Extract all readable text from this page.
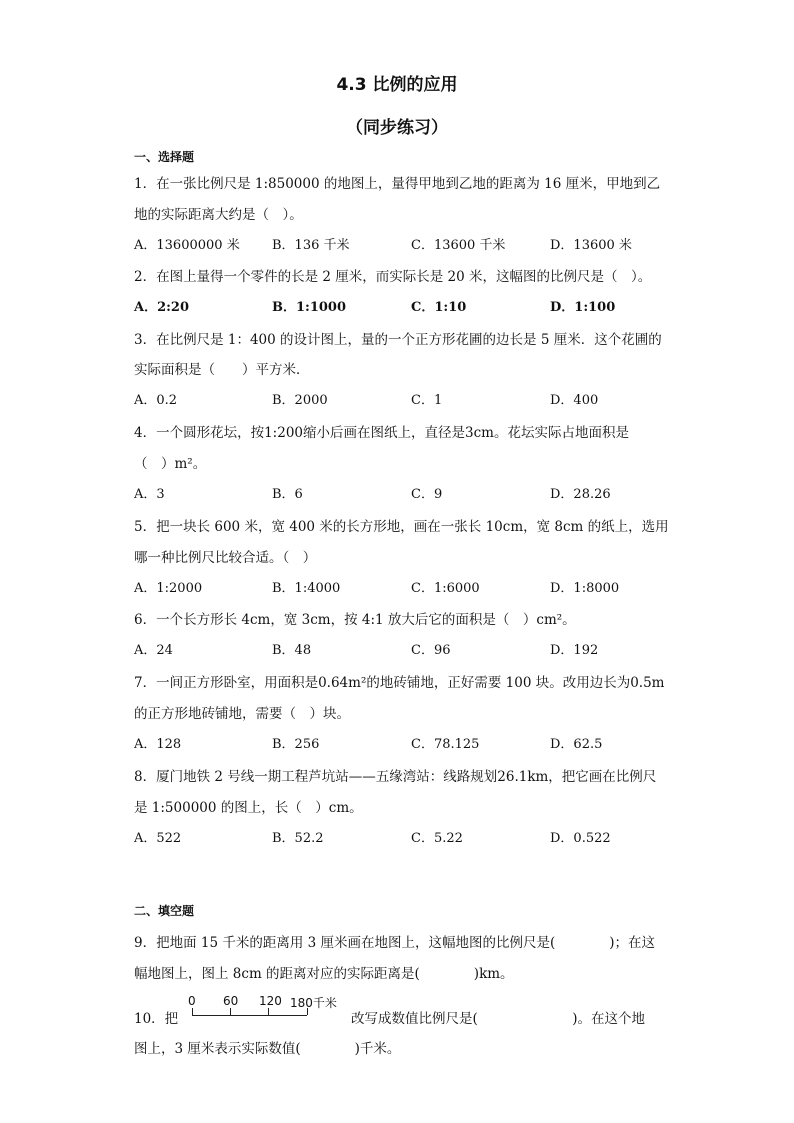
4.3 比例的应用
（同步练习）
一、选择题
1．在一张比例尺是 1:850000 的地图上，量得甲地到乙地的距离为 16 厘米，甲地到乙
地的实际距离大约是（　）。
A．13600000 米 B．136 千米	C．13600 千米	D．13600 米
2．在图上量得一个零件的长是 2 厘米，而实际长是 20 米，这幅图的比例尺是（　）。
A．2:20	B．1:1000	C．1:10	D．1:100
3．在比例尺是 1：400 的设计图上，量的一个正方形花圃的边长是 5 厘米．这个花圃的
实际面积是（　　）平方米．
A．0.2	B．2000	C．1	D．400
4．一个圆形花坛，按1:200缩小后画在图纸上，直径是3cm。花坛实际占地面积是
（　）m²。
A．3	B．6	C．9	D．28.26
5．把一块长 600 米，宽 400 米的长方形地，画在一张长 10cm，宽 8cm 的纸上，选用
哪一种比例尺比较合适。（　）
A．1:2000	B．1:4000	C．1:6000	D．1:8000
6．一个长方形长 4cm，宽 3cm，按 4:1 放大后它的面积是（　）cm²。
A．24	B．48	C．96	D．192
7．一间正方形卧室，用面积是0.64m²的地砖铺地，正好需要 100 块。改用边长为0.5m
的正方形地砖铺地，需要（　）块。
A．128	B．256	C．78.125	D．62.5
8．厦门地铁 2 号线一期工程芦坑站——五缘湾站：线路规划26.1km，把它画在比例尺
是 1:500000 的图上，长（　）cm。
A．522	B．52.2	C．5.22	D．0.522
二、填空题
9．把地面 15 千米的距离用 3 厘米画在地图上，这幅地图的比例尺是(　　　　)；在这
幅地图上，图上 8cm 的距离对应的实际距离是(　　　　)km。
10．把
0 60 120 180千米
改写成数值比例尺是(　　　　　　　)。在这个地
图上，3 厘米表示实际数值(　　　　)千米。
